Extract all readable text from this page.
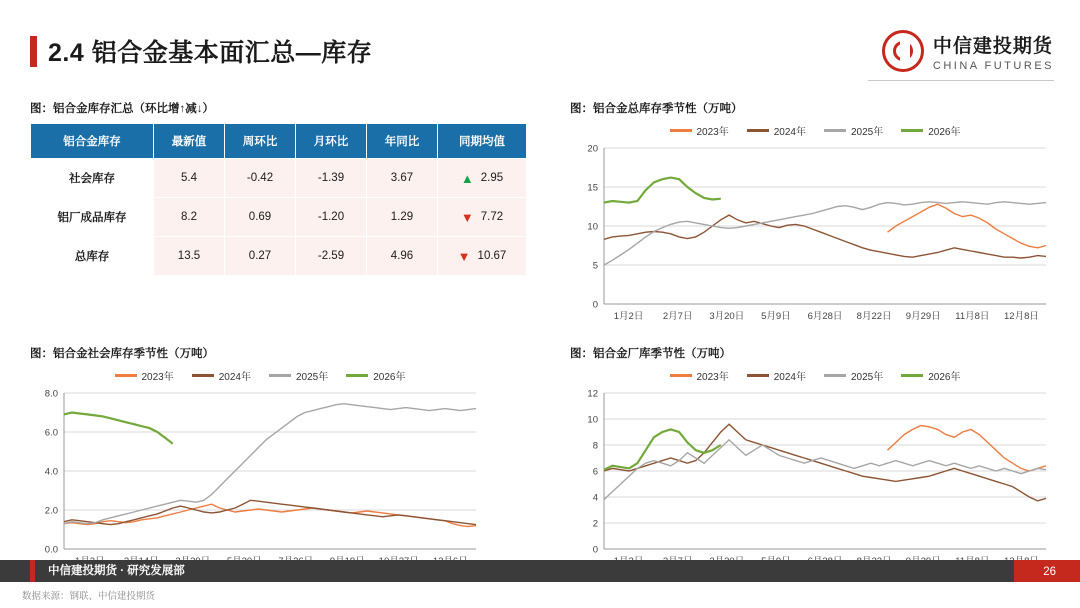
2.4 铝合金基本面汇总—库存	中信建投期货
CHINA FUTURES
图：铝合金库存汇总（环比增↑减↓）
铝合金库存	最新值	周环比	月环比	年同比	同期均值
社会库存	5.4	-0.42	-1.39	3.67	▲ 2.95

铝厂成品库存	8.2	0.69	-1.20	1.29	▼ 7.72

总库存	13.5	0.27	-2.59	4.96	▼ 10.67
图：铝合金总库存季节性（万吨）
2023年	2024年	2025年	2026年
0
5
10
15
20
1月2日 2月7日 3月20日 5月9日 6月28日 8月22日 9月29日 11月8日 12月8日
图：铝合金社会库存季节性（万吨）
2023年	2024年	2025年	2026年
0.0
2.0
4.0
6.0
8.0
图：铝合金厂库季节性（万吨）
2023年	2024年	2025年	2026年
0
2
4
6
8
10
12
中信建投期货 · 研究发展部	26
数据来源：钢联、中信建投期货
